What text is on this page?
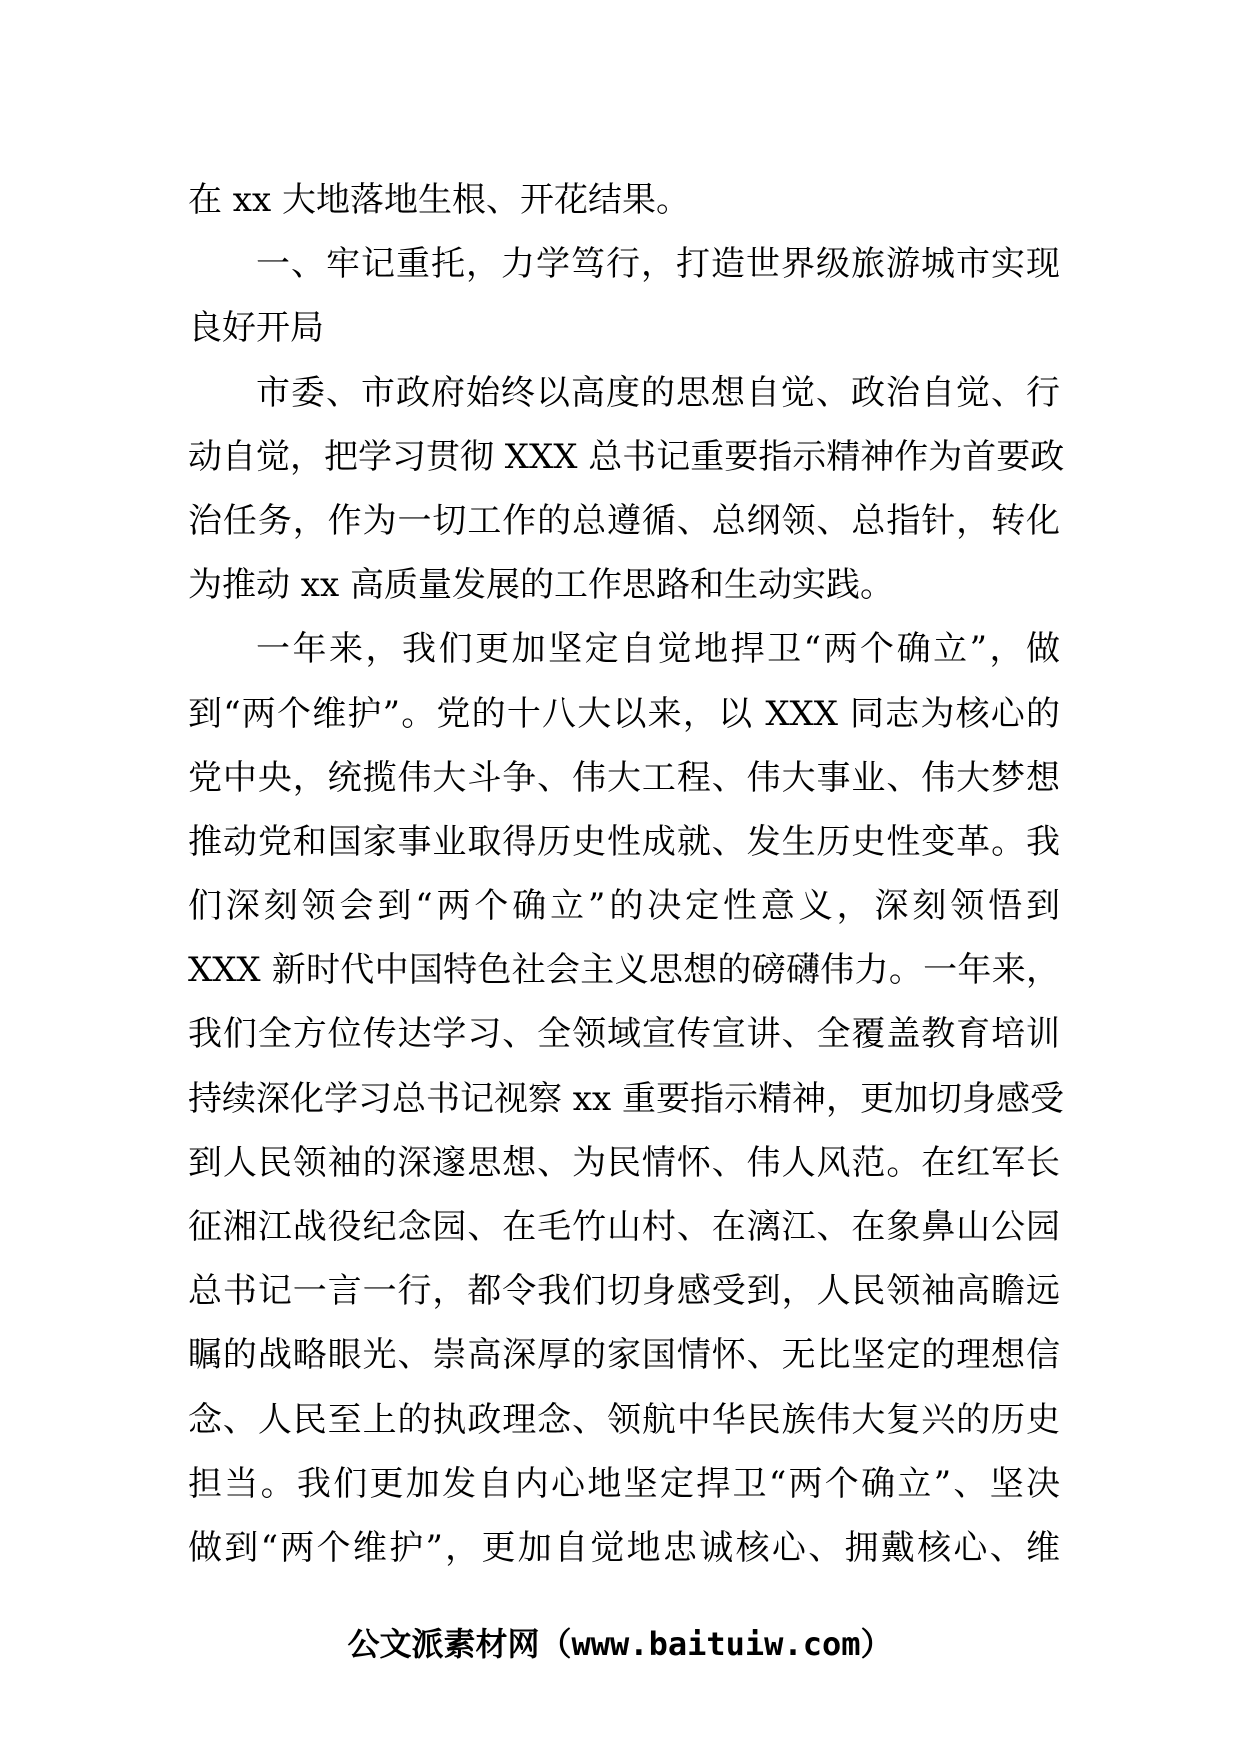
在 xx 大地落地生根、开花结果。
一、牢记重托，力学笃行，打造世界级旅游城市实现
良好开局
市委、市政府始终以高度的思想自觉、政治自觉、行
动自觉，把学习贯彻 XXX 总书记重要指示精神作为首要政
治任务，作为一切工作的总遵循、总纲领、总指针，转化
为推动 xx 高质量发展的工作思路和生动实践。
一年来，我们更加坚定自觉地捍卫“两个确立”，做
到“两个维护”。党的十八大以来，以 XXX 同志为核心的
党中央，统揽伟大斗争、伟大工程、伟大事业、伟大梦想
推动党和国家事业取得历史性成就、发生历史性变革。我
们深刻领会到“两个确立”的决定性意义，深刻领悟到
XXX 新时代中国特色社会主义思想的磅礴伟力。一年来，
我们全方位传达学习、全领域宣传宣讲、全覆盖教育培训
持续深化学习总书记视察 xx 重要指示精神，更加切身感受
到人民领袖的深邃思想、为民情怀、伟人风范。在红军长
征湘江战役纪念园、在毛竹山村、在漓江、在象鼻山公园
总书记一言一行，都令我们切身感受到，人民领袖高瞻远
瞩的战略眼光、崇高深厚的家国情怀、无比坚定的理想信
念、人民至上的执政理念、领航中华民族伟大复兴的历史
担当。我们更加发自内心地坚定捍卫“两个确立”、坚决
做到“两个维护”，更加自觉地忠诚核心、拥戴核心、维
公文派素材网（www.baituiw.com）
